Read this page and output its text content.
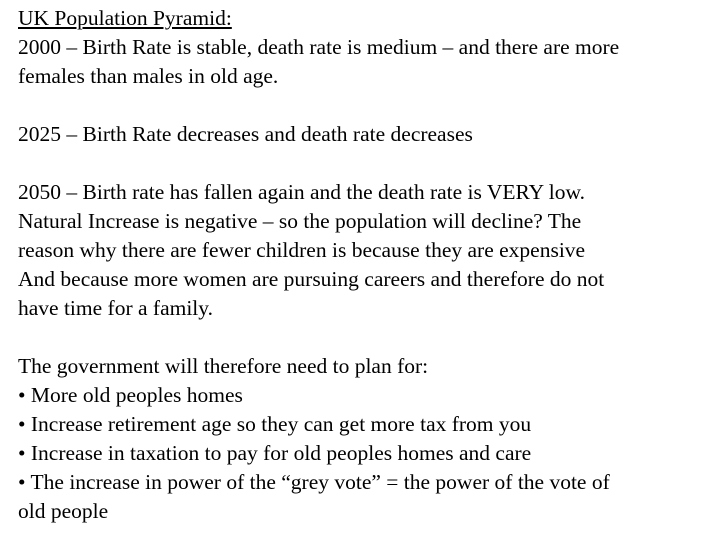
UK Population Pyramid:
2000 – Birth Rate is stable, death rate is medium – and there are more
females than males in old age.
2025 – Birth Rate decreases and death rate decreases
2050 – Birth rate has fallen again and the death rate is VERY low.
Natural Increase is negative – so the population will decline? The
reason why there are fewer children is because they are expensive
And because more women are pursuing careers and therefore do not
have time for a family.
The government will therefore need to plan for:
• More old peoples homes
• Increase retirement age so they can get more tax from you
• Increase in taxation to pay for old peoples homes and care
• The increase in power of the “grey vote” = the power of the vote of
old people
